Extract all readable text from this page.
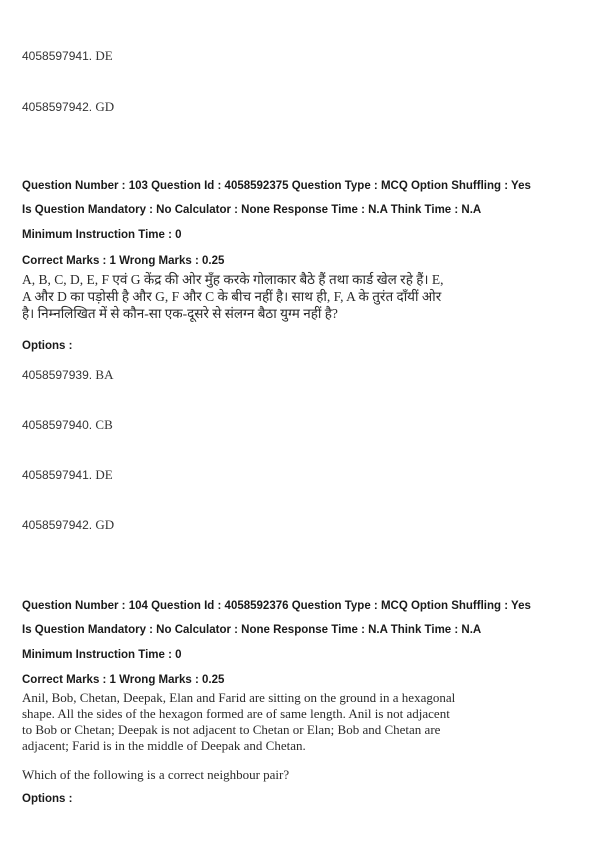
4058597941. DE
4058597942. GD
Question Number : 103 Question Id : 4058592375 Question Type : MCQ Option Shuffling : Yes
Is Question Mandatory : No Calculator : None Response Time : N.A Think Time : N.A
Minimum Instruction Time : 0
Correct Marks : 1 Wrong Marks : 0.25
A, B, C, D, E, F एवं G केंद्र की ओर मुँह करके गोलाकार बैठे हैं तथा कार्ड खेल रहे हैं। E,
A और D का पड़ोसी है और G, F और C के बीच नहीं है। साथ ही, F, A के तुरंत दाँयीं ओर
है। निम्नलिखित में से कौन-सा एक-दूसरे से संलग्न बैठा युग्म नहीं है?
Options :
4058597939. BA
4058597940. CB
4058597941. DE
4058597942. GD
Question Number : 104 Question Id : 4058592376 Question Type : MCQ Option Shuffling : Yes
Is Question Mandatory : No Calculator : None Response Time : N.A Think Time : N.A
Minimum Instruction Time : 0
Correct Marks : 1 Wrong Marks : 0.25
Anil, Bob, Chetan, Deepak, Elan and Farid are sitting on the ground in a hexagonal
shape. All the sides of the hexagon formed are of same length. Anil is not adjacent
to Bob or Chetan; Deepak is not adjacent to Chetan or Elan; Bob and Chetan are
adjacent; Farid is in the middle of Deepak and Chetan.
Which of the following is a correct neighbour pair?
Options :
